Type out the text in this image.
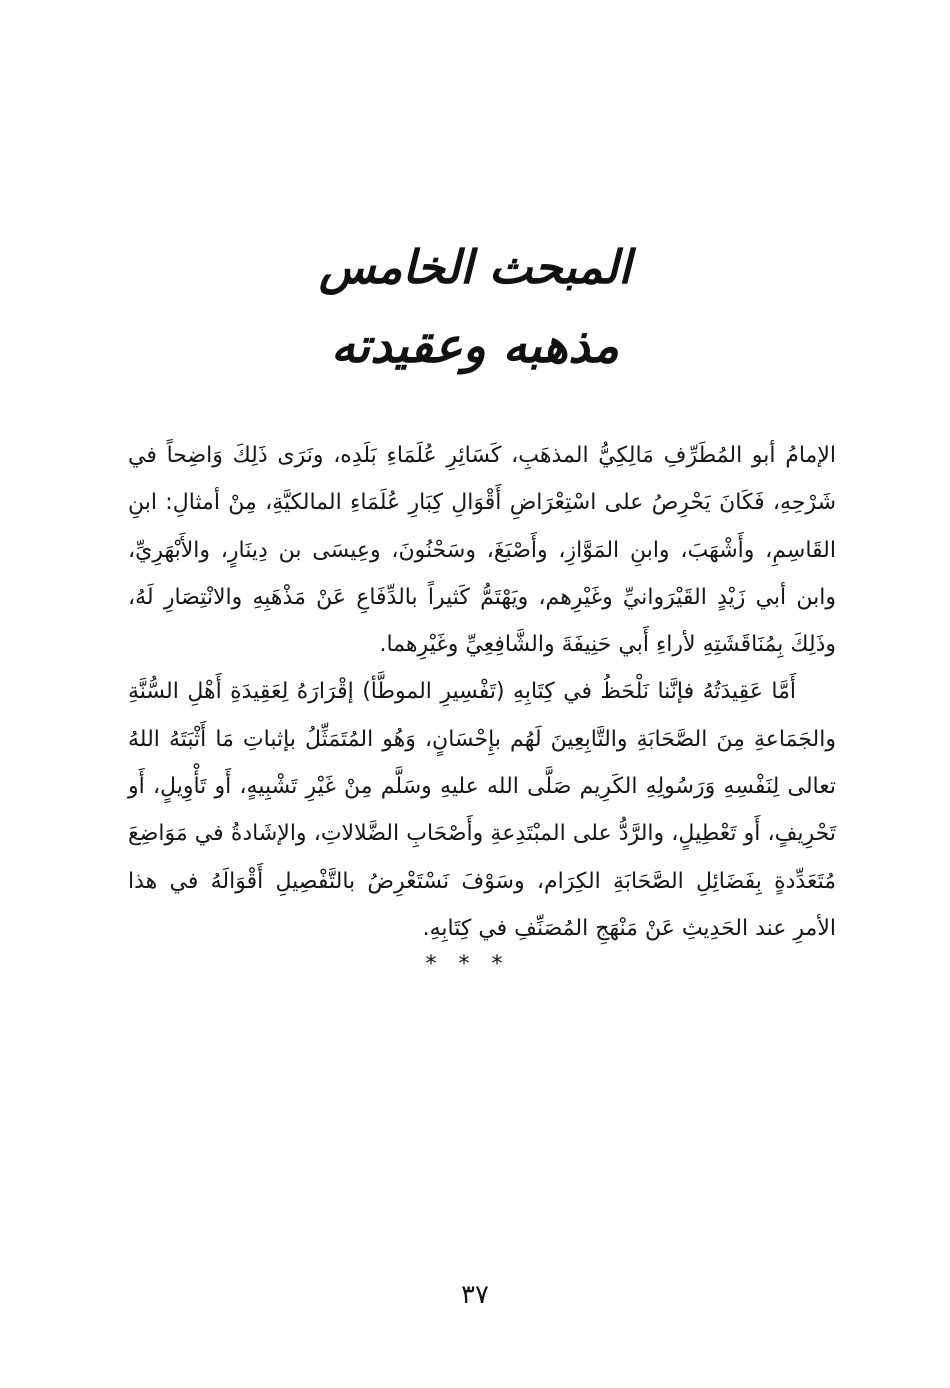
المبحث الخامس
مذهبه وعقيدته

الإمامُ أبو المُطَرِّفِ مَالِكِيُّ المذهَبِ، كَسَائِرِ عُلَمَاءِ بَلَدِه، ونَرَى ذَلِكَ وَاضِحاً في شَرْحِهِ، فَكَانَ يَحْرِصُ على اسْتِعْرَاضِ أَقْوَالِ كِبَارِ عُلَمَاءِ المالكيَّةِ، مِنْ أمثالِ: ابنِ القَاسِمِ، وأَشْهَبَ، وابنِ المَوَّازِ، وأَصْبَغَ، وسَحْنُونَ، وعِيسَى بن دِينَارٍ، والأَبْهَرِيِّ، وابن أبي زَيْدٍ القَيْرَوانيِّ وغَيْرِهم، ويَهْتَمُّ كَثيراً بالدِّفَاعِ عَنْ مَذْهَبِهِ والانْتِصَارِ لَهُ، وذَلِكَ بِمُنَاقَشَتِهِ لأراءِ أَبي حَنِيفَةَ والشَّافِعِيِّ وغَيْرِهما.

أَمَّا عَقِيدَتُهُ فإنَّنا نَلْحَظُ في كِتَابِهِ (تَفْسِيرِ الموطَّأ) إقْرَارَهُ لِعَقِيدَةِ أَهْلِ السُّنَّةِ والجَمَاعةِ مِنَ الصَّحَابَةِ والتَّابِعِينَ لَهُم بإِحْسَانٍ، وَهُو المُتَمَثِّلُ بإثباتِ مَا أَثْبَتَهُ اللهُ تعالى لِنَفْسِهِ وَرَسُولِهِ الكَرِيم صَلَّى الله عليهِ وسَلَّم مِنْ غَيْرِ تَشْبِيهٍ، أَو تَأْوِيلٍ، أَو تَحْرِيفٍ، أَو تَعْطِيلٍ، والرَّدُّ على المبْتَدِعةِ وأَصْحَابِ الضَّلالاتِ، والإشَادةُ في مَوَاضِعَ مُتَعَدِّدةٍ بِفَضَائِلِ الصَّحَابَةِ الكِرَام، وسَوْفَ نَسْتَعْرِضُ بالتَّفْصِيلِ أَقْوَالَهُ في هذا الأمرِ عند الحَدِيثِ عَنْ مَنْهَجِ المُصَنِّفِ في كِتَابِهِ.

***
٣٧
